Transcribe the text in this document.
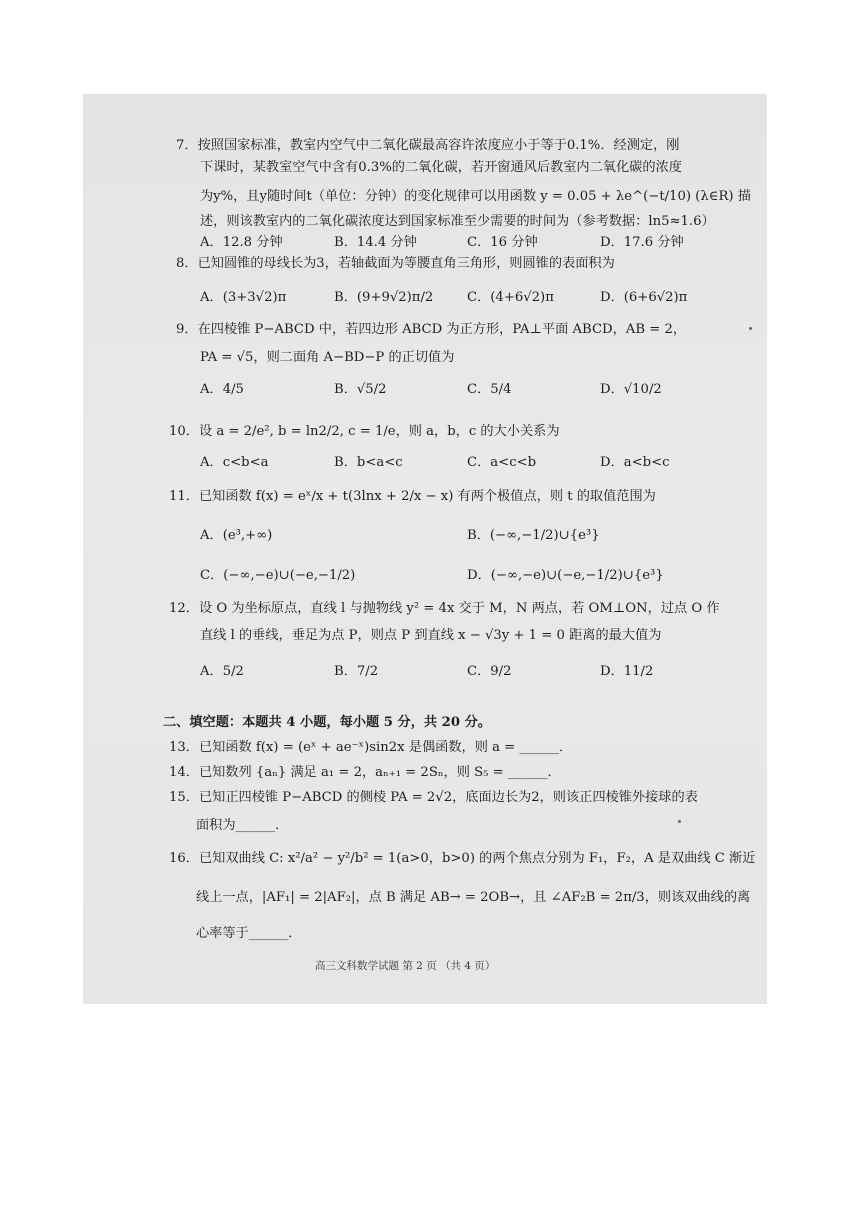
7．按照国家标准，教室内空气中二氧化碳最高容许浓度应小于等于0.1%．经测定，刚
下课时，某教室空气中含有0.3%的二氧化碳，若开窗通风后教室内二氧化碳的浓度
为y%，且y随时间t（单位：分钟）的变化规律可以用函数 y = 0.05 + λe^(−t/10) (λ∈R) 描
述，则该教室内的二氧化碳浓度达到国家标准至少需要的时间为（参考数据：ln5≈1.6）
A．12.8 分钟	B．14.4 分钟	C．16 分钟	D．17.6 分钟
8．已知圆锥的母线长为3，若轴截面为等腰直角三角形，则圆锥的表面积为
A．(3+3√2)π	B．(9+9√2)π/2	C．(4+6√2)π	D．(6+6√2)π
9．在四棱锥 P−ABCD 中，若四边形 ABCD 为正方形，PA⊥平面 ABCD，AB = 2，
PA = √5，则二面角 A−BD−P 的正切值为
A．4/5	B．√5/2	C．5/4	D．√10/2
10．设 a = 2/e², b = ln2/2, c = 1/e，则 a，b，c 的大小关系为
A．c<b<a	B．b<a<c	C．a<c<b	D．a<b<c
11．已知函数 f(x) = eˣ/x + t(3lnx + 2/x − x) 有两个极值点，则 t 的取值范围为
A．(e³,+∞)	B．(−∞,−1/2)∪{e³}
C．(−∞,−e)∪(−e,−1/2)	D．(−∞,−e)∪(−e,−1/2)∪{e³}
12．设 O 为坐标原点，直线 l 与抛物线 y² = 4x 交于 M，N 两点，若 OM⊥ON，过点 O 作
直线 l 的垂线，垂足为点 P，则点 P 到直线 x − √3y + 1 = 0 距离的最大值为
A．5/2	B．7/2	C．9/2	D．11/2
二、填空题：本题共 4 小题，每小题 5 分，共 20 分。
13．已知函数 f(x) = (eˣ + ae⁻ˣ)sin2x 是偶函数，则 a = ______．
14．已知数列 {aₙ} 满足 a₁ = 2，aₙ₊₁ = 2Sₙ，则 S₅ = ______．
15．已知正四棱锥 P−ABCD 的侧棱 PA = 2√2，底面边长为2，则该正四棱锥外接球的表
面积为______．
16．已知双曲线 C: x²/a² − y²/b² = 1(a>0，b>0) 的两个焦点分别为 F₁，F₂，A 是双曲线 C 渐近
线上一点，|AF₁| = 2|AF₂|，点 B 满足 AB→ = 2OB→，且 ∠AF₂B = 2π/3，则该双曲线的离
心率等于______．
高三文科数学试题 第 2 页 （共 4 页）
